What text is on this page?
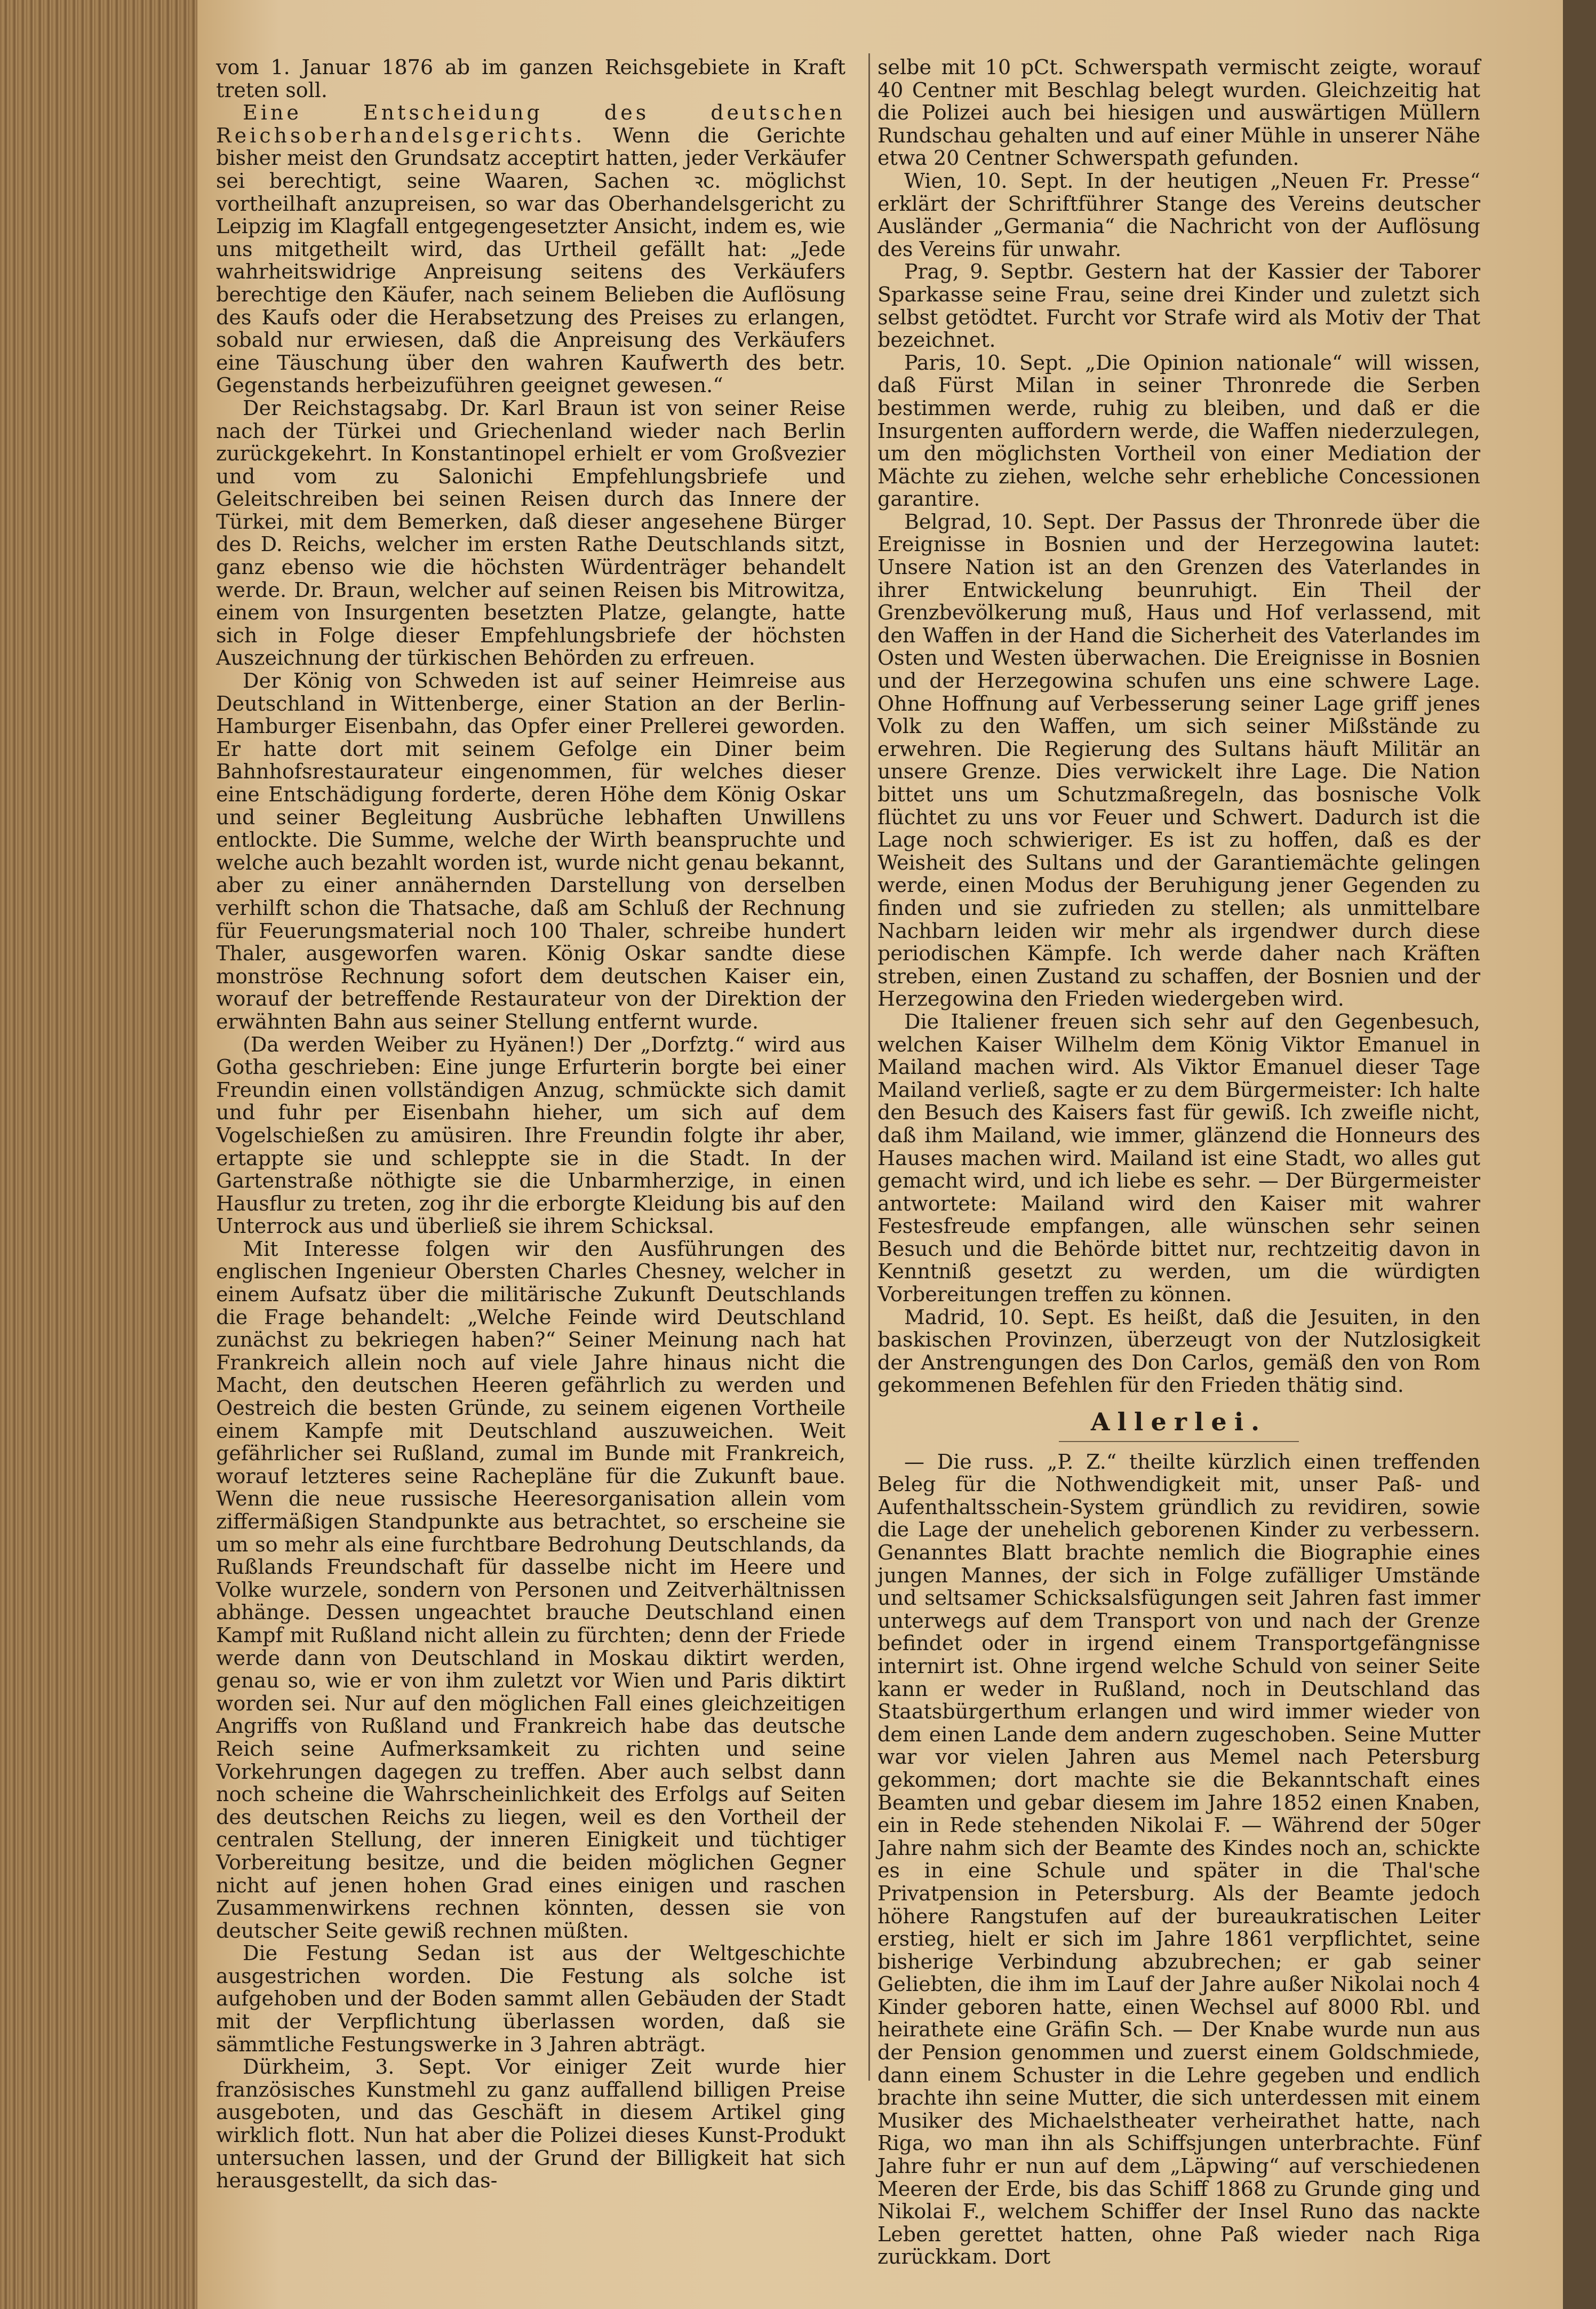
vom 1. Januar 1876 ab im ganzen Reichsgebiete in Kraft treten soll.

Eine Entscheidung des deutschen Reichsoberhandelsgerichts. Wenn die Gerichte bisher meist den Grundsatz acceptirt hatten, jeder Verkäufer sei berechtigt, seine Waaren, Sachen ꝛc. möglichst vortheilhaft anzupreisen, so war das Oberhandelsgericht zu Leipzig im Klagfall entgegengesetzter Ansicht, indem es, wie uns mitgetheilt wird, das Urtheil gefällt hat: „Jede wahrheitswidrige Anpreisung seitens des Verkäufers berechtige den Käufer, nach seinem Belieben die Auflösung des Kaufs oder die Herabsetzung des Preises zu erlangen, sobald nur erwiesen, daß die Anpreisung des Verkäufers eine Täuschung über den wahren Kaufwerth des betr. Gegenstands herbeizuführen geeignet gewesen.“

Der Reichstagsabg. Dr. Karl Braun ist von seiner Reise nach der Türkei und Griechenland wieder nach Berlin zurückgekehrt. In Konstantinopel erhielt er vom Großvezier und vom zu Salonichi Empfehlungsbriefe und Geleitschreiben bei seinen Reisen durch das Innere der Türkei, mit dem Bemerken, daß dieser angesehene Bürger des D. Reichs, welcher im ersten Rathe Deutschlands sitzt, ganz ebenso wie die höchsten Würdenträger behandelt werde. Dr. Braun, welcher auf seinen Reisen bis Mitrowitza, einem von Insurgenten besetzten Platze, gelangte, hatte sich in Folge dieser Empfehlungsbriefe der höchsten Auszeichnung der türkischen Behörden zu erfreuen.

Der König von Schweden ist auf seiner Heimreise aus Deutschland in Wittenberge, einer Station an der Berlin-Hamburger Eisenbahn, das Opfer einer Prellerei geworden. Er hatte dort mit seinem Gefolge ein Diner beim Bahnhofsrestaurateur eingenommen, für welches dieser eine Entschädigung forderte, deren Höhe dem König Oskar und seiner Begleitung Ausbrüche lebhaften Unwillens entlockte. Die Summe, welche der Wirth beanspruchte und welche auch bezahlt worden ist, wurde nicht genau bekannt, aber zu einer annähernden Darstellung von derselben verhilft schon die Thatsache, daß am Schluß der Rechnung für Feuerungsmaterial noch 100 Thaler, schreibe hundert Thaler, ausgeworfen waren. König Oskar sandte diese monströse Rechnung sofort dem deutschen Kaiser ein, worauf der betreffende Restaurateur von der Direktion der erwähnten Bahn aus seiner Stellung entfernt wurde.

(Da werden Weiber zu Hyänen!) Der „Dorfztg.“ wird aus Gotha geschrieben: Eine junge Erfurterin borgte bei einer Freundin einen vollständigen Anzug, schmückte sich damit und fuhr per Eisenbahn hieher, um sich auf dem Vogelschießen zu amüsiren. Ihre Freundin folgte ihr aber, ertappte sie und schleppte sie in die Stadt. In der Gartenstraße nöthigte sie die Unbarmherzige, in einen Hausflur zu treten, zog ihr die erborgte Kleidung bis auf den Unterrock aus und überließ sie ihrem Schicksal.

Mit Interesse folgen wir den Ausführungen des englischen Ingenieur Obersten Charles Chesney, welcher in einem Aufsatz über die militärische Zukunft Deutschlands die Frage behandelt: „Welche Feinde wird Deutschland zunächst zu bekriegen haben?“ Seiner Meinung nach hat Frankreich allein noch auf viele Jahre hinaus nicht die Macht, den deutschen Heeren gefährlich zu werden und Oestreich die besten Gründe, zu seinem eigenen Vortheile einem Kampfe mit Deutschland auszuweichen. Weit gefährlicher sei Rußland, zumal im Bunde mit Frankreich, worauf letzteres seine Rachepläne für die Zukunft baue. Wenn die neue russische Heeresorganisation allein vom ziffermäßigen Standpunkte aus betrachtet, so erscheine sie um so mehr als eine furchtbare Bedrohung Deutschlands, da Rußlands Freundschaft für dasselbe nicht im Heere und Volke wurzele, sondern von Personen und Zeitverhältnissen abhänge. Dessen ungeachtet brauche Deutschland einen Kampf mit Rußland nicht allein zu fürchten; denn der Friede werde dann von Deutschland in Moskau diktirt werden, genau so, wie er von ihm zuletzt vor Wien und Paris diktirt worden sei. Nur auf den möglichen Fall eines gleichzeitigen Angriffs von Rußland und Frankreich habe das deutsche Reich seine Aufmerksamkeit zu richten und seine Vorkehrungen dagegen zu treffen. Aber auch selbst dann noch scheine die Wahrscheinlichkeit des Erfolgs auf Seiten des deutschen Reichs zu liegen, weil es den Vortheil der centralen Stellung, der inneren Einigkeit und tüchtiger Vorbereitung besitze, und die beiden möglichen Gegner nicht auf jenen hohen Grad eines einigen und raschen Zusammenwirkens rechnen könnten, dessen sie von deutscher Seite gewiß rechnen müßten.

Die Festung Sedan ist aus der Weltgeschichte ausgestrichen worden. Die Festung als solche ist aufgehoben und der Boden sammt allen Gebäuden der Stadt mit der Verpflichtung überlassen worden, daß sie sämmtliche Festungswerke in 3 Jahren abträgt.

Dürkheim, 3. Sept. Vor einiger Zeit wurde hier französisches Kunstmehl zu ganz auffallend billigen Preise ausgeboten, und das Geschäft in diesem Artikel ging wirklich flott. Nun hat aber die Polizei dieses Kunst-Produkt untersuchen lassen, und der Grund der Billigkeit hat sich herausgestellt, da sich das-

selbe mit 10 pCt. Schwerspath vermischt zeigte, worauf 40 Centner mit Beschlag belegt wurden. Gleichzeitig hat die Polizei auch bei hiesigen und auswärtigen Müllern Rundschau gehalten und auf einer Mühle in unserer Nähe etwa 20 Centner Schwerspath gefunden.

Wien, 10. Sept. In der heutigen „Neuen Fr. Presse“ erklärt der Schriftführer Stange des Vereins deutscher Ausländer „Germania“ die Nachricht von der Auflösung des Vereins für unwahr.

Prag, 9. Septbr. Gestern hat der Kassier der Taborer Sparkasse seine Frau, seine drei Kinder und zuletzt sich selbst getödtet. Furcht vor Strafe wird als Motiv der That bezeichnet.

Paris, 10. Sept. „Die Opinion nationale“ will wissen, daß Fürst Milan in seiner Thronrede die Serben bestimmen werde, ruhig zu bleiben, und daß er die Insurgenten auffordern werde, die Waffen niederzulegen, um den möglichsten Vortheil von einer Mediation der Mächte zu ziehen, welche sehr erhebliche Concessionen garantire.

Belgrad, 10. Sept. Der Passus der Thronrede über die Ereignisse in Bosnien und der Herzegowina lautet: Unsere Nation ist an den Grenzen des Vaterlandes in ihrer Entwickelung beunruhigt. Ein Theil der Grenzbevölkerung muß, Haus und Hof verlassend, mit den Waffen in der Hand die Sicherheit des Vaterlandes im Osten und Westen überwachen. Die Ereignisse in Bosnien und der Herzegowina schufen uns eine schwere Lage. Ohne Hoffnung auf Verbesserung seiner Lage griff jenes Volk zu den Waffen, um sich seiner Mißstände zu erwehren. Die Regierung des Sultans häuft Militär an unsere Grenze. Dies verwickelt ihre Lage. Die Nation bittet uns um Schutzmaßregeln, das bosnische Volk flüchtet zu uns vor Feuer und Schwert. Dadurch ist die Lage noch schwieriger. Es ist zu hoffen, daß es der Weisheit des Sultans und der Garantiemächte gelingen werde, einen Modus der Beruhigung jener Gegenden zu finden und sie zufrieden zu stellen; als unmittelbare Nachbarn leiden wir mehr als irgendwer durch diese periodischen Kämpfe. Ich werde daher nach Kräften streben, einen Zustand zu schaffen, der Bosnien und der Herzegowina den Frieden wiedergeben wird.

Die Italiener freuen sich sehr auf den Gegenbesuch, welchen Kaiser Wilhelm dem König Viktor Emanuel in Mailand machen wird. Als Viktor Emanuel dieser Tage Mailand verließ, sagte er zu dem Bürgermeister: Ich halte den Besuch des Kaisers fast für gewiß. Ich zweifle nicht, daß ihm Mailand, wie immer, glänzend die Honneurs des Hauses machen wird. Mailand ist eine Stadt, wo alles gut gemacht wird, und ich liebe es sehr. — Der Bürgermeister antwortete: Mailand wird den Kaiser mit wahrer Festesfreude empfangen, alle wünschen sehr seinen Besuch und die Behörde bittet nur, rechtzeitig davon in Kenntniß gesetzt zu werden, um die würdigten Vorbereitungen treffen zu können.

Madrid, 10. Sept. Es heißt, daß die Jesuiten, in den baskischen Provinzen, überzeugt von der Nutzlosigkeit der Anstrengungen des Don Carlos, gemäß den von Rom gekommenen Befehlen für den Frieden thätig sind.

Allerlei.

— Die russ. „P. Z.“ theilte kürzlich einen treffenden Beleg für die Nothwendigkeit mit, unser Paß- und Aufenthaltsschein-System gründlich zu revidiren, sowie die Lage der unehelich geborenen Kinder zu verbessern. Genanntes Blatt brachte nemlich die Biographie eines jungen Mannes, der sich in Folge zufälliger Umstände und seltsamer Schicksalsfügungen seit Jahren fast immer unterwegs auf dem Transport von und nach der Grenze befindet oder in irgend einem Transportgefängnisse internirt ist. Ohne irgend welche Schuld von seiner Seite kann er weder in Rußland, noch in Deutschland das Staatsbürgerthum erlangen und wird immer wieder von dem einen Lande dem andern zugeschoben. Seine Mutter war vor vielen Jahren aus Memel nach Petersburg gekommen; dort machte sie die Bekanntschaft eines Beamten und gebar diesem im Jahre 1852 einen Knaben, ein in Rede stehenden Nikolai F. — Während der 50ger Jahre nahm sich der Beamte des Kindes noch an, schickte es in eine Schule und später in die Thal'sche Privatpension in Petersburg. Als der Beamte jedoch höhere Rangstufen auf der bureaukratischen Leiter erstieg, hielt er sich im Jahre 1861 verpflichtet, seine bisherige Verbindung abzubrechen; er gab seiner Geliebten, die ihm im Lauf der Jahre außer Nikolai noch 4 Kinder geboren hatte, einen Wechsel auf 8000 Rbl. und heirathete eine Gräfin Sch. — Der Knabe wurde nun aus der Pension genommen und zuerst einem Goldschmiede, dann einem Schuster in die Lehre gegeben und endlich brachte ihn seine Mutter, die sich unterdessen mit einem Musiker des Michaelstheater verheirathet hatte, nach Riga, wo man ihn als Schiffsjungen unterbrachte. Fünf Jahre fuhr er nun auf dem „Läpwing“ auf verschiedenen Meeren der Erde, bis das Schiff 1868 zu Grunde ging und Nikolai F., welchem Schiffer der Insel Runo das nackte Leben gerettet hatten, ohne Paß wieder nach Riga zurückkam. Dort
